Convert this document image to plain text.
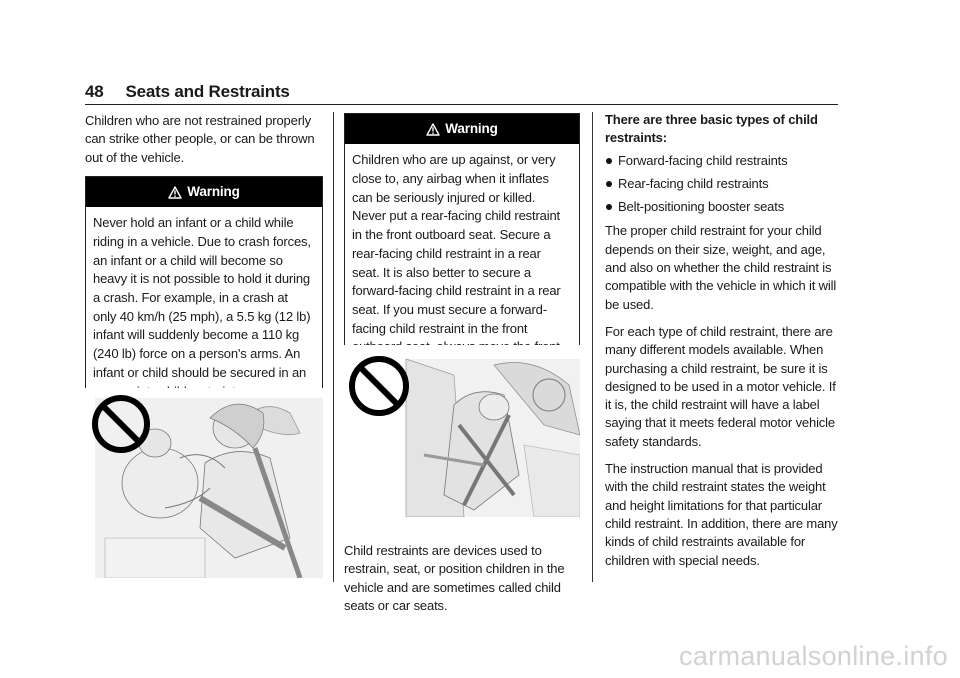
48 Seats and Restraints

Children who are not restrained properly can strike other people, or can be thrown out of the vehicle.

Warning
Never hold an infant or a child while riding in a vehicle. Due to crash forces, an infant or a child will become so heavy it is not possible to hold it during a crash. For example, in a crash at only 40 km/h (25 mph), a 5.5 kg (12 lb) infant will suddenly become a 110 kg (240 lb) force on a person's arms. An infant or child should be secured in an
Warning
Children who are up against, or very close to, any airbag when it inflates can be seriously injured or killed. Never put a rear-facing child restraint in the front outboard seat. Secure a rear-facing child restraint in a rear seat. It is also better to secure a forward-facing child restraint in a rear seat. If you must secure a forward-facing child restraint in the front

Child restraints are devices used to restrain, seat, or position children in the vehicle and are sometimes called child seats or car seats.

There are three basic types of child restraints:

Forward-facing child restraints
Rear-facing child restraints
Belt-positioning booster seats

The proper child restraint for your child depends on their size, weight, and age, and also on whether the child restraint is compatible with the vehicle in which it will be used.

For each type of child restraint, there are many different models available. When purchasing a child restraint, be sure it is designed to be used in a motor vehicle. If it is, the child restraint will have a label saying that it meets federal motor vehicle safety standards.

The instruction manual that is provided with the child restraint states the weight and height limitations for that particular child restraint. In addition, there are many kinds of child restraints available for children with special needs.

carmanualsonline.info
